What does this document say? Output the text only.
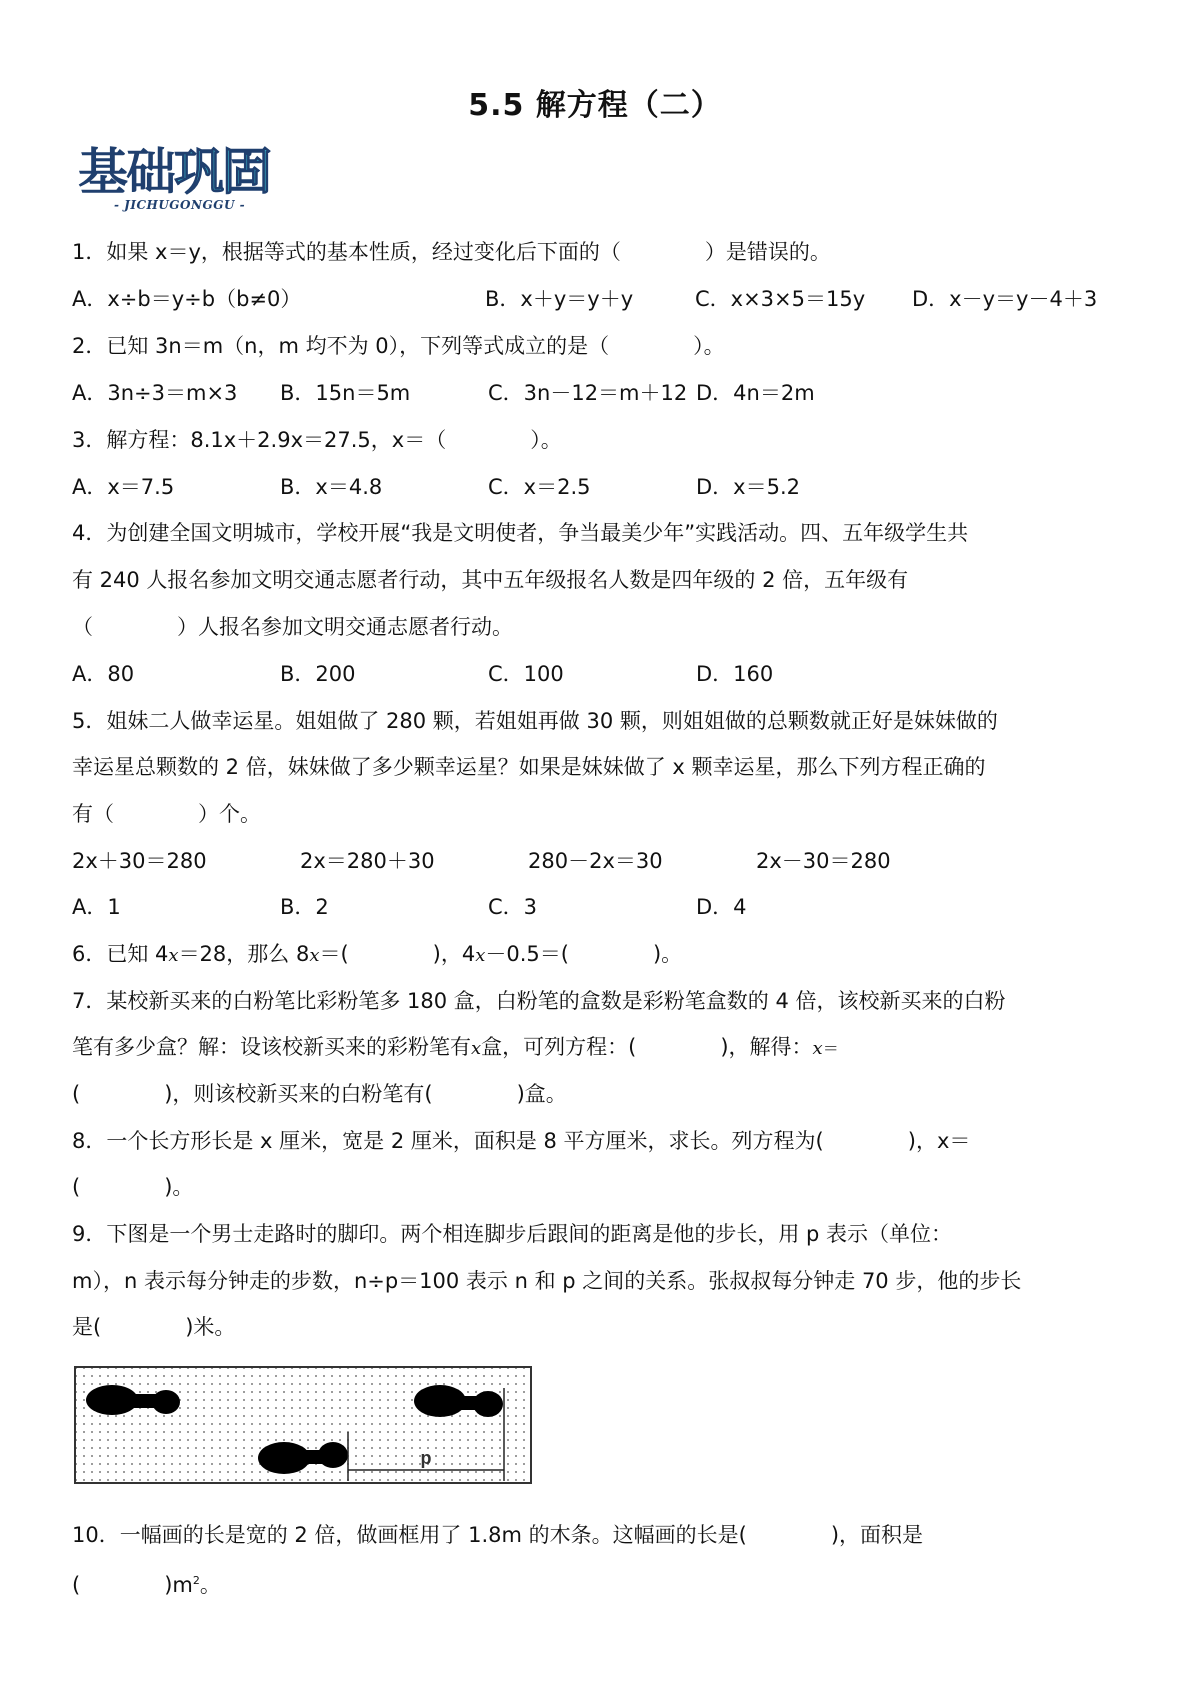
5.5 解方程（二）
基础巩固
- JICHUGONGGU -
1．如果 x＝y，根据等式的基本性质，经过变化后下面的（　　　　）是错误的。
A．x÷b＝y÷b（b≠0）	B．x＋y＝y＋y	C．x×3×5＝15y D．x－y＝y－4＋3
2．已知 3n＝m（n，m 均不为 0），下列等式成立的是（　　　　）。
A．3n÷3＝m×3 B．15n＝5m	C．3n－12＝m＋12 D．4n＝2m
3．解方程：8.1x＋2.9x＝27.5，x＝（　　　　）。
A．x＝7.5	B．x＝4.8	C．x＝2.5	D．x＝5.2
4．为创建全国文明城市，学校开展“我是文明使者，争当最美少年”实践活动。四、五年级学生共
有 240 人报名参加文明交通志愿者行动，其中五年级报名人数是四年级的 2 倍，五年级有
（　　　　）人报名参加文明交通志愿者行动。
A．80	B．200	C．100	D．160
5．姐妹二人做幸运星。姐姐做了 280 颗，若姐姐再做 30 颗，则姐姐做的总颗数就正好是妹妹做的
幸运星总颗数的 2 倍，妹妹做了多少颗幸运星？如果是妹妹做了 x 颗幸运星，那么下列方程正确的
有（　　　　）个。
2x＋30＝280	2x＝280＋30	280－2x＝30	2x－30＝280
A．1	B．2	C．3	D．4
6．已知 4x＝28，那么 8x＝(　　　　)，4x－0.5＝(　　　　)。
7．某校新买来的白粉笔比彩粉笔多 180 盒，白粉笔的盒数是彩粉笔盒数的 4 倍，该校新买来的白粉
笔有多少盒？解：设该校新买来的彩粉笔有x盒，可列方程：(　　　　)，解得：x＝
(　　　　)，则该校新买来的白粉笔有(　　　　)盒。
8．一个长方形长是 x 厘米，宽是 2 厘米，面积是 8 平方厘米，求长。列方程为(　　　　)，x＝
(　　　　)。
9．下图是一个男士走路时的脚印。两个相连脚步后跟间的距离是他的步长，用 p 表示（单位：
m），n 表示每分钟走的步数，n÷p＝100 表示 n 和 p 之间的关系。张叔叔每分钟走 70 步，他的步长
是(　　　　)米。
p
10．一幅画的长是宽的 2 倍，做画框用了 1.8m 的木条。这幅画的长是(　　　　)，面积是
(　　　　)$m^2$。
